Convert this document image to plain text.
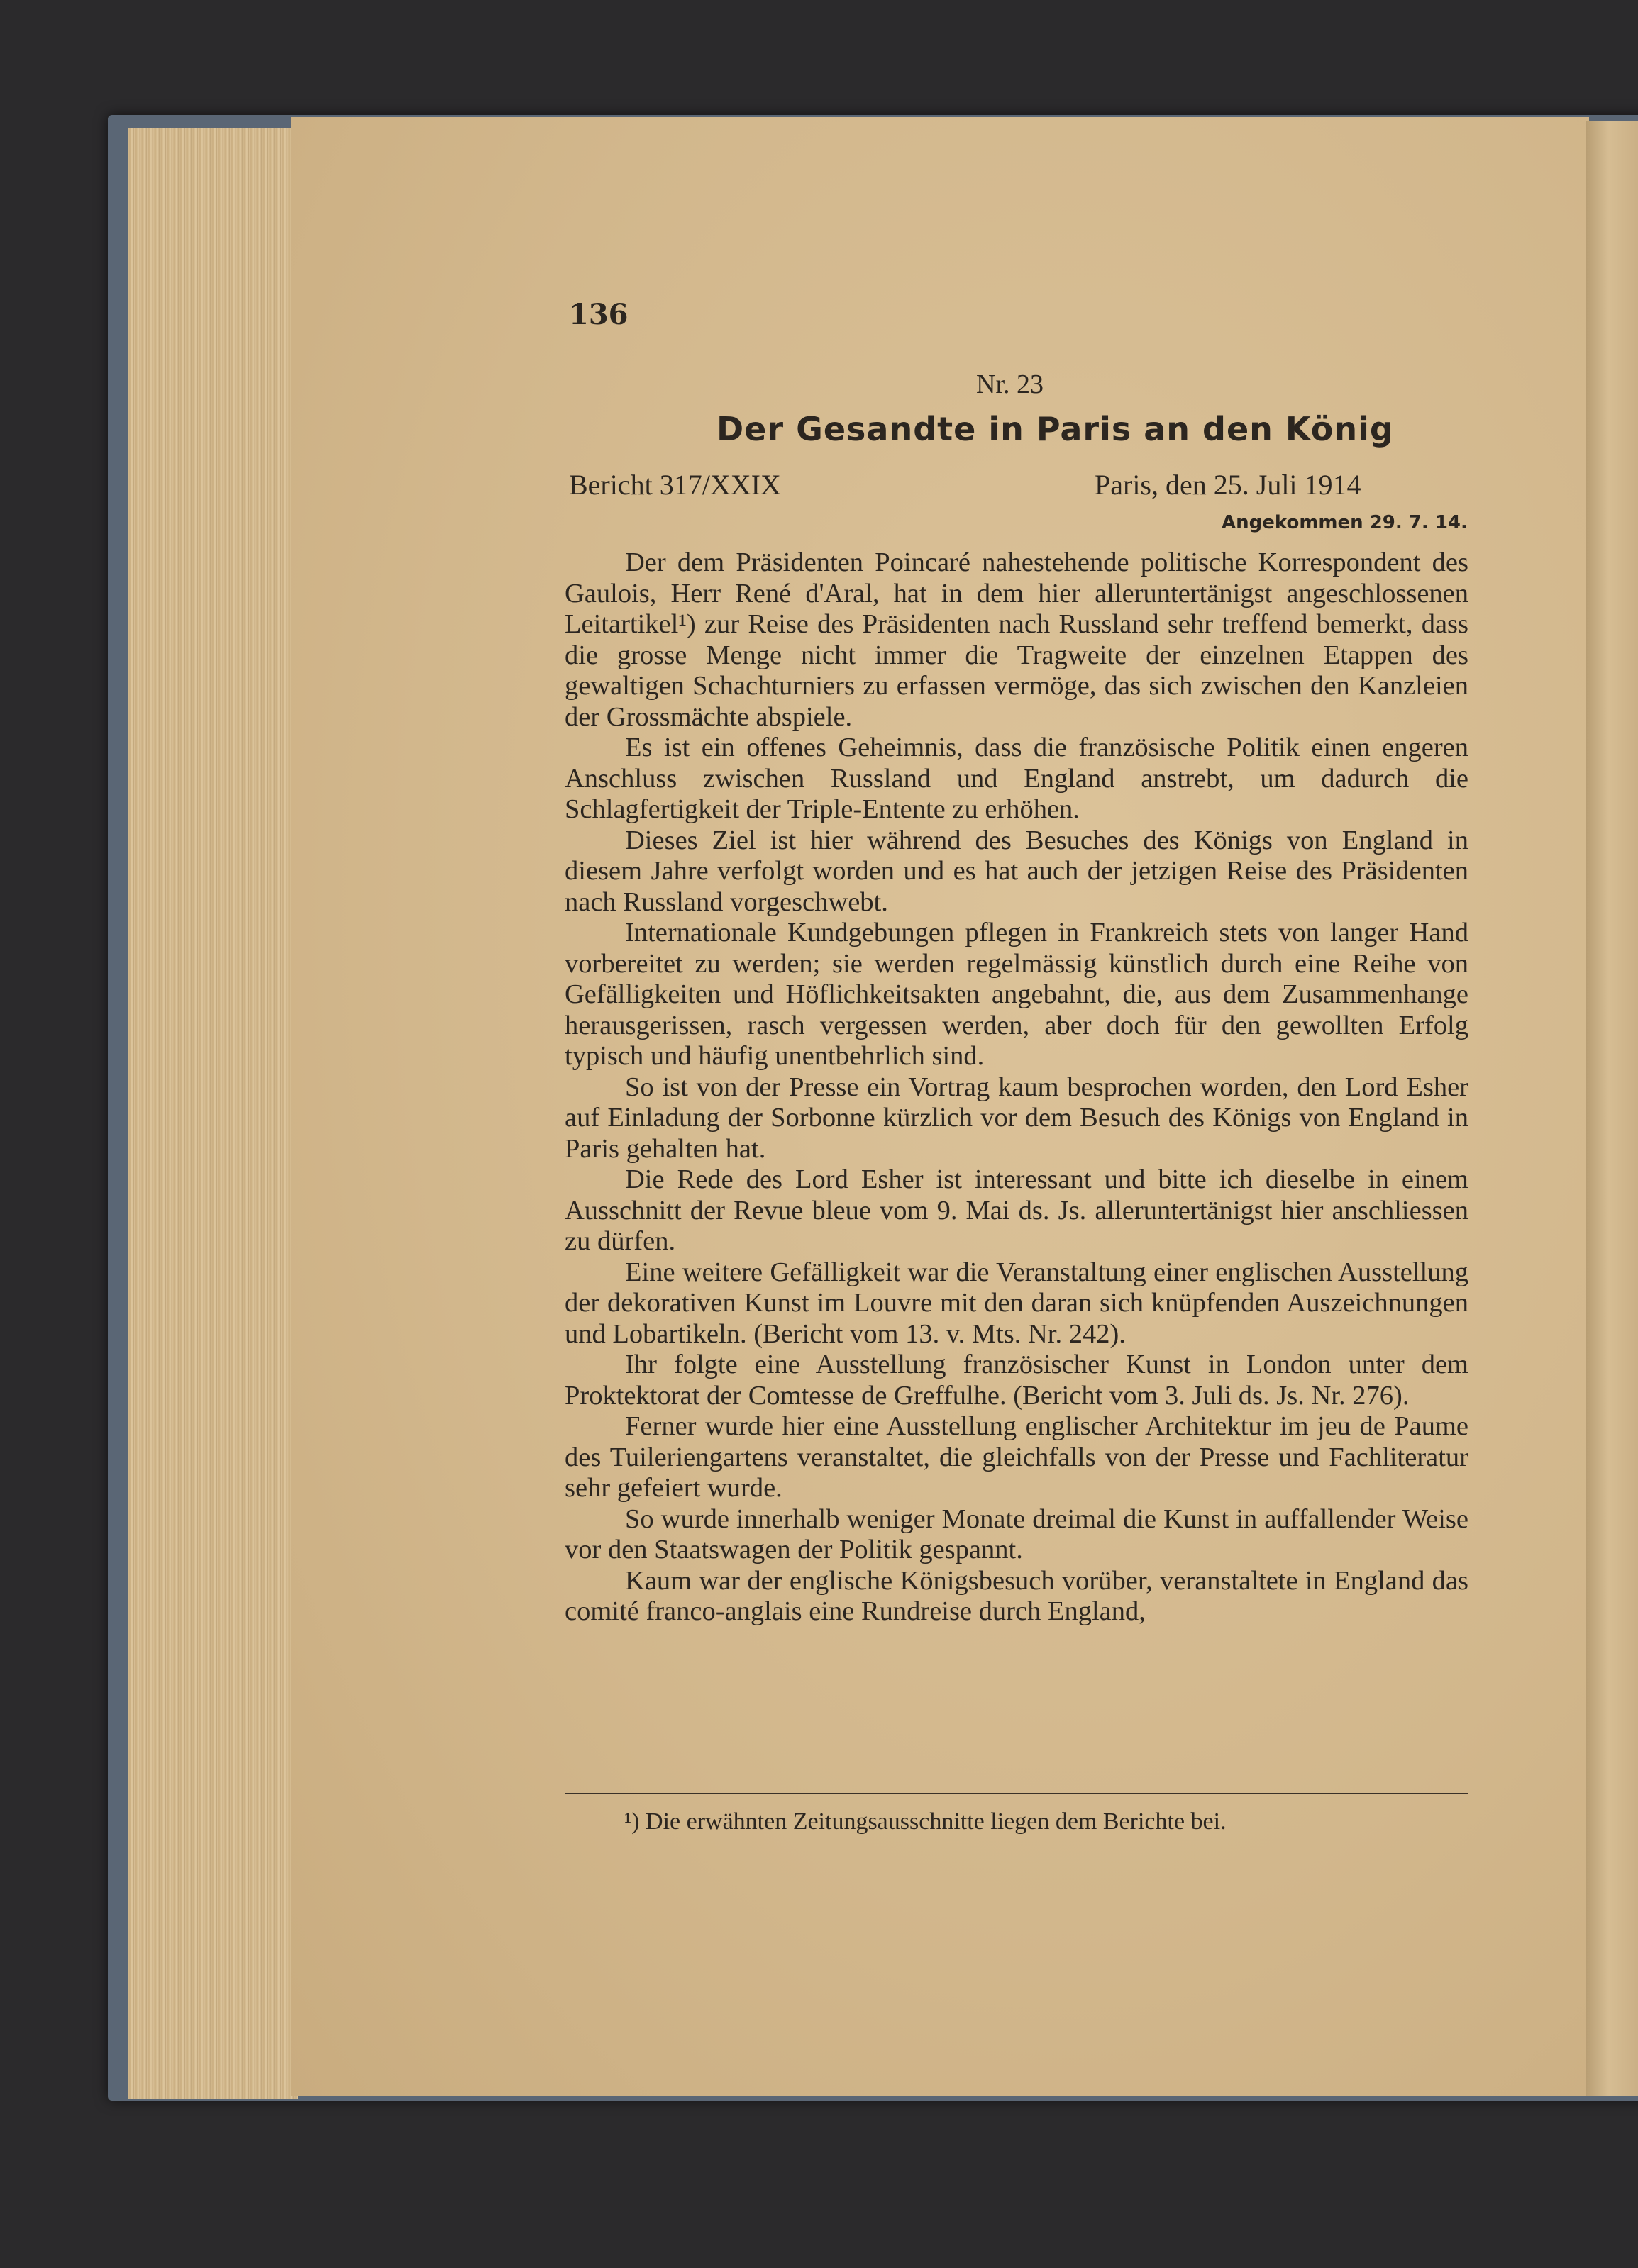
136
Nr. 23
Der Gesandte in Paris an den König
Bericht 317/XXIX	Paris, den 25. Juli 1914
Angekommen 29. 7. 14.

Der dem Präsidenten Poincaré nahestehende politische Korrespondent des Gaulois, Herr René d'Aral, hat in dem hier alleruntertänigst angeschlossenen Leitartikel¹) zur Reise des Präsidenten nach Russland sehr treffend bemerkt, dass die grosse Menge nicht immer die Tragweite der einzelnen Etappen des gewaltigen Schachturniers zu erfassen vermöge, das sich zwischen den Kanzleien der Grossmächte abspiele.

Es ist ein offenes Geheimnis, dass die französische Politik einen engeren Anschluss zwischen Russland und England anstrebt, um dadurch die Schlagfertigkeit der Triple-Entente zu erhöhen.

Dieses Ziel ist hier während des Besuches des Königs von England in diesem Jahre verfolgt worden und es hat auch der jetzigen Reise des Präsidenten nach Russland vorgeschwebt.

Internationale Kundgebungen pflegen in Frankreich stets von langer Hand vorbereitet zu werden; sie werden regelmässig künstlich durch eine Reihe von Gefälligkeiten und Höflichkeitsakten angebahnt, die, aus dem Zusammenhange herausgerissen, rasch vergessen werden, aber doch für den gewollten Erfolg typisch und häufig unentbehrlich sind.

So ist von der Presse ein Vortrag kaum besprochen worden, den Lord Esher auf Einladung der Sorbonne kürzlich vor dem Besuch des Königs von England in Paris gehalten hat.

Die Rede des Lord Esher ist interessant und bitte ich dieselbe in einem Ausschnitt der Revue bleue vom 9. Mai ds. Js. alleruntertänigst hier anschliessen zu dürfen.

Eine weitere Gefälligkeit war die Veranstaltung einer englischen Ausstellung der dekorativen Kunst im Louvre mit den daran sich knüpfenden Auszeichnungen und Lobartikeln. (Bericht vom 13. v. Mts. Nr. 242).

Ihr folgte eine Ausstellung französischer Kunst in London unter dem Proktektorat der Comtesse de Greffulhe. (Bericht vom 3. Juli ds. Js. Nr. 276).

Ferner wurde hier eine Ausstellung englischer Architektur im jeu de Paume des Tuileriengartens veranstaltet, die gleichfalls von der Presse und Fachliteratur sehr gefeiert wurde.

So wurde innerhalb weniger Monate dreimal die Kunst in auffallender Weise vor den Staatswagen der Politik gespannt.

Kaum war der englische Königsbesuch vorüber, veranstaltete in England das comité franco-anglais eine Rundreise durch England,

¹) Die erwähnten Zeitungsausschnitte liegen dem Berichte bei.
